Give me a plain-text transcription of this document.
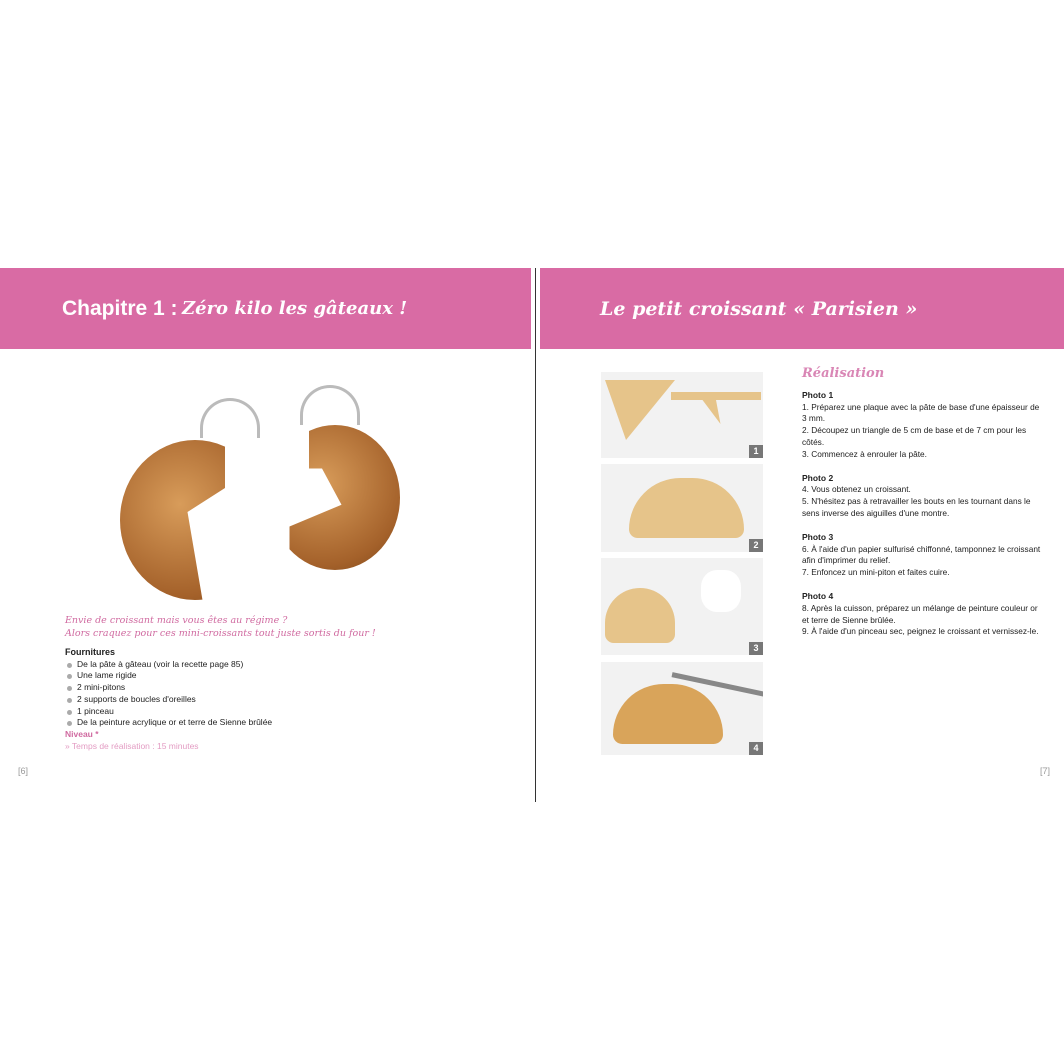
Chapitre 1 :
Zéro kilo les gâteaux !	Le petit croissant « Parisien »
Envie de croissant mais vous êtes au régime ?
Alors craquez pour ces mini-croissants tout juste sortis du four !
Fournitures
De la pâte à gâteau (voir la recette page 85)
Une lame rigide
2 mini-pitons
2 supports de boucles d'oreilles
1 pinceau
De la peinture acrylique or et terre de Sienne brûlée
Niveau *
» Temps de réalisation : 15 minutes
[6]	[7]
1
2
3
4
Réalisation
Photo 1
1. Préparez une plaque avec la pâte de base d'une épaisseur de 3 mm.
2. Découpez un triangle de 5 cm de base et de 7 cm pour les côtés.
3. Commencez à enrouler la pâte.
Photo 2
4. Vous obtenez un croissant.
5. N'hésitez pas à retravailler les bouts en les tournant dans le sens inverse des aiguilles d'une montre.
Photo 3
6. À l'aide d'un papier sulfurisé chiffonné, tamponnez le croissant afin d'imprimer du relief.
7. Enfoncez un mini-piton et faites cuire.
Photo 4
8. Après la cuisson, préparez un mélange de peinture couleur or et terre de Sienne brûlée.
9. À l'aide d'un pinceau sec, peignez le croissant et vernissez-le.
